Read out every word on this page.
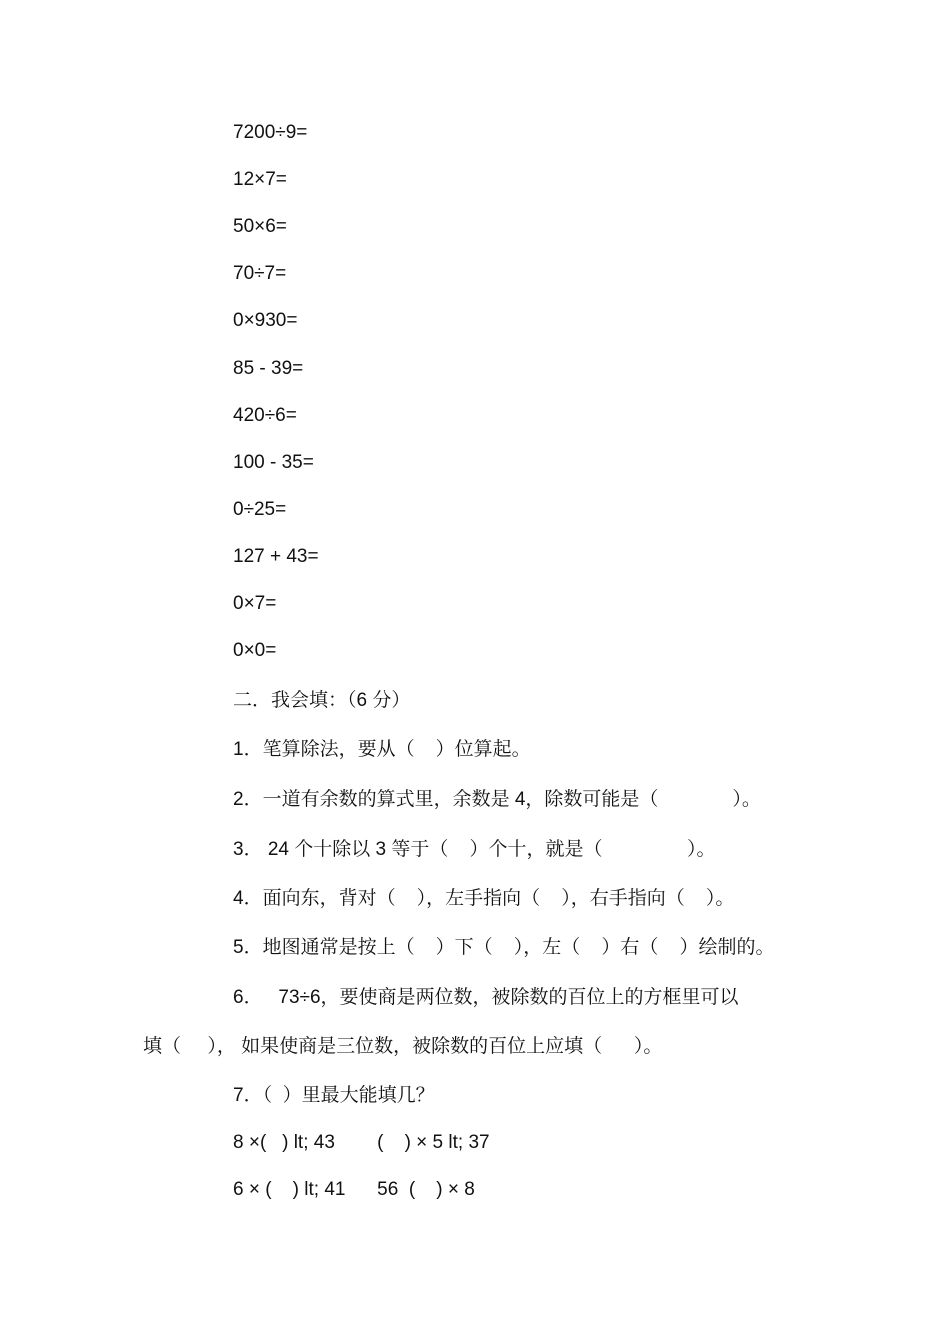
7200÷9=
12×7=
50×6=
70÷7=
0×930=
85 - 39=
420÷6=
100 - 35=
0÷25=
127 + 43=
0×7=
0×0=
二．我会填：（6 分）
1．笔算除法，要从（    ）位算起。
2．一道有余数的算式里，余数是 4，除数可能是（              ）。
3． 24 个十除以 3 等于（    ）个十，就是（                ）。
4．面向东，背对（    ），左手指向（    ），右手指向（    ）。
5．地图通常是按上（    ）下（    ），左（    ）右（    ）绘制的。
6．   73÷6，要使商是两位数，被除数的百位上的方框里可以
填（     ）， 如果使商是三位数，被除数的百位上应填（      ）。
7．（  ）里最大能填几？
8 ×(   ) lt; 43        (    ) × 5 lt; 37
6 × (    ) lt; 41      56  (    ) × 8
